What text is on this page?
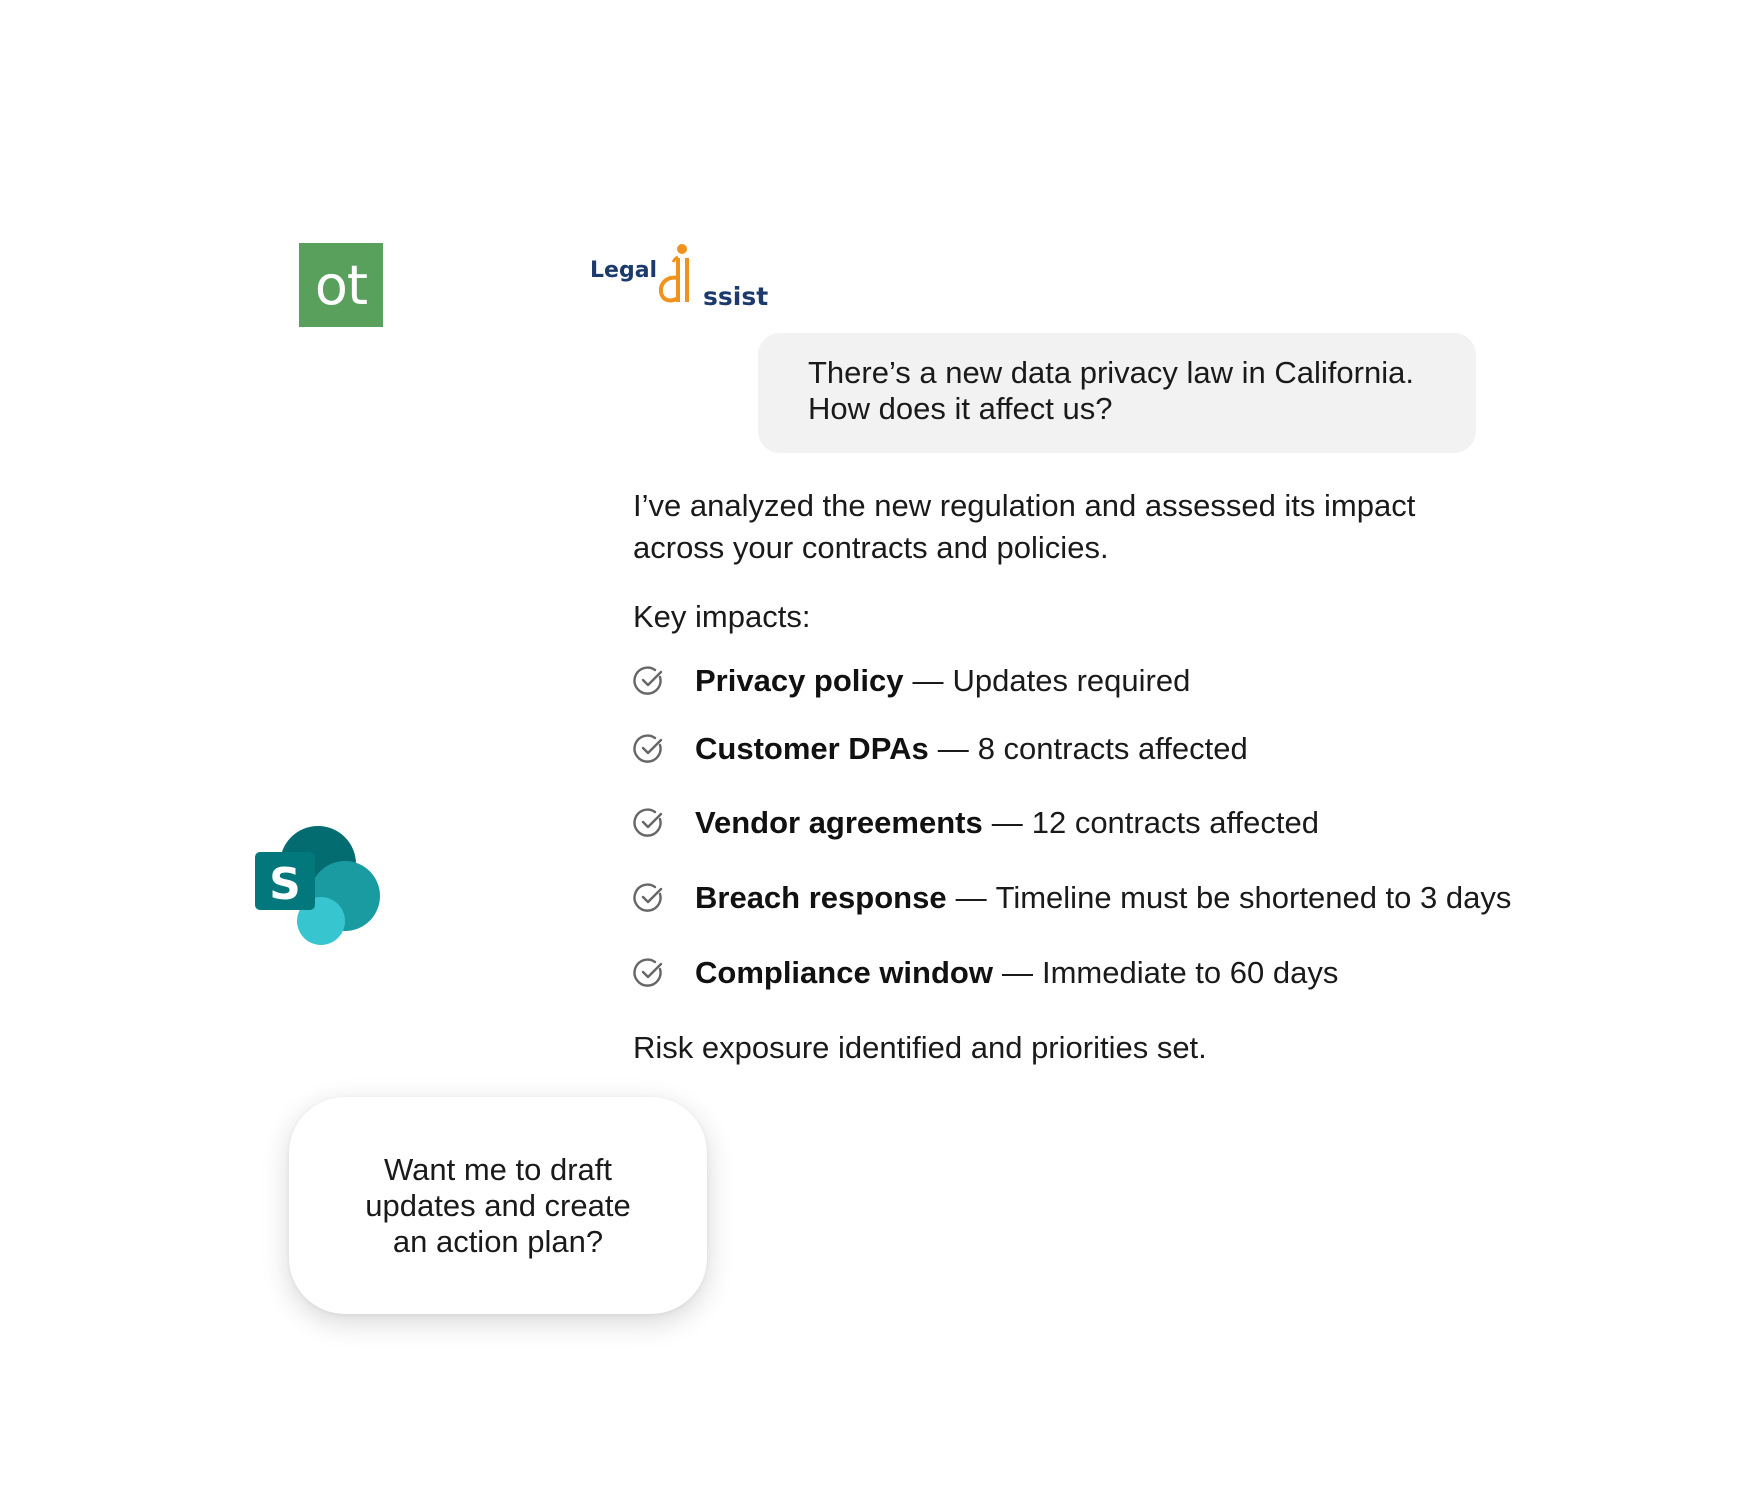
ot	Legal
ssist
S
There’s a new data privacy law in California. How does it affect us?

I’ve analyzed the new regulation and assessed its impact across your contracts and policies.

Key impacts:

Privacy policy — Updates required
Customer DPAs — 8 contracts affected
Vendor agreements — 12 contracts affected
Breach response — Timeline must be shortened to 3 days
Compliance window — Immediate to 60 days

Risk exposure identified and priorities set.

Want me to draft updates and create an action plan?
